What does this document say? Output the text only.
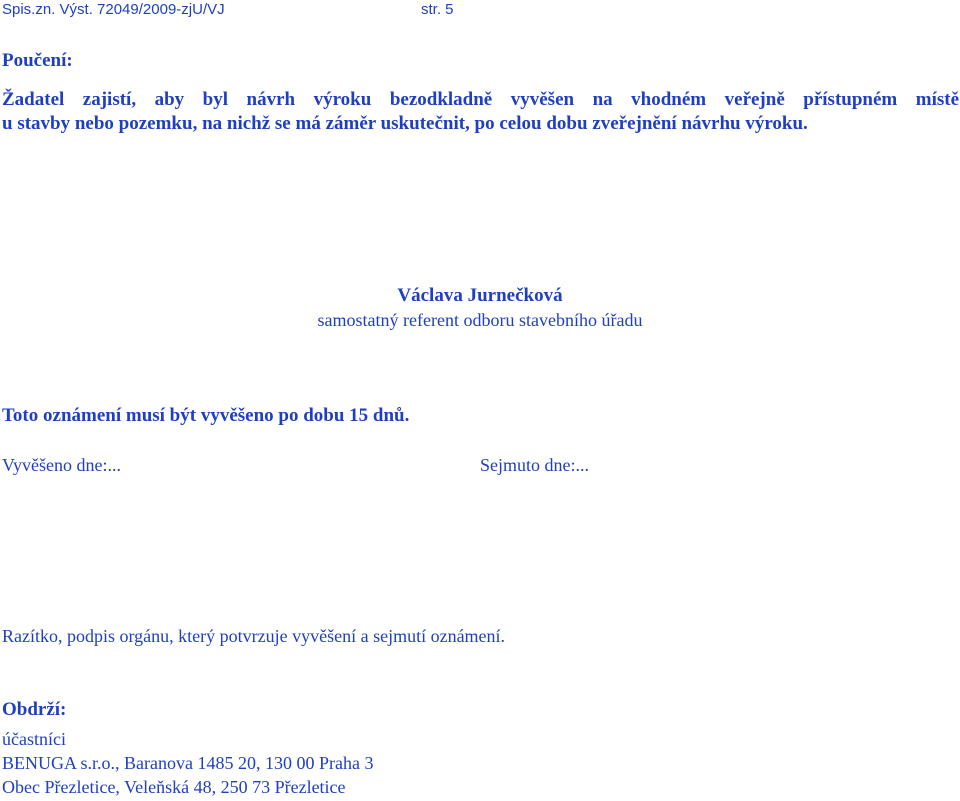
Spis.zn. Výst. 72049/2009-zjU/VJ	str. 5
Poučení:
Žadatel zajistí, aby byl návrh výroku bezodkladně vyvěšen na vhodném veřejně přístupném místě
u stavby nebo pozemku, na nichž se má záměr uskutečnit, po celou dobu zveřejnění návrhu výroku.
Václava Jurnečková
samostatný referent odboru stavebního úřadu
Toto oznámení musí být vyvěšeno po dobu 15 dnů.
Vyvěšeno dne:...	Sejmuto dne:...
Razítko, podpis orgánu, který potvrzuje vyvěšení a sejmutí oznámení.
Obdrží:
účastníci
BENUGA s.r.o., Baranova 1485 20, 130 00 Praha 3
Obec Přezletice, Veleňská 48, 250 73 Přezletice
